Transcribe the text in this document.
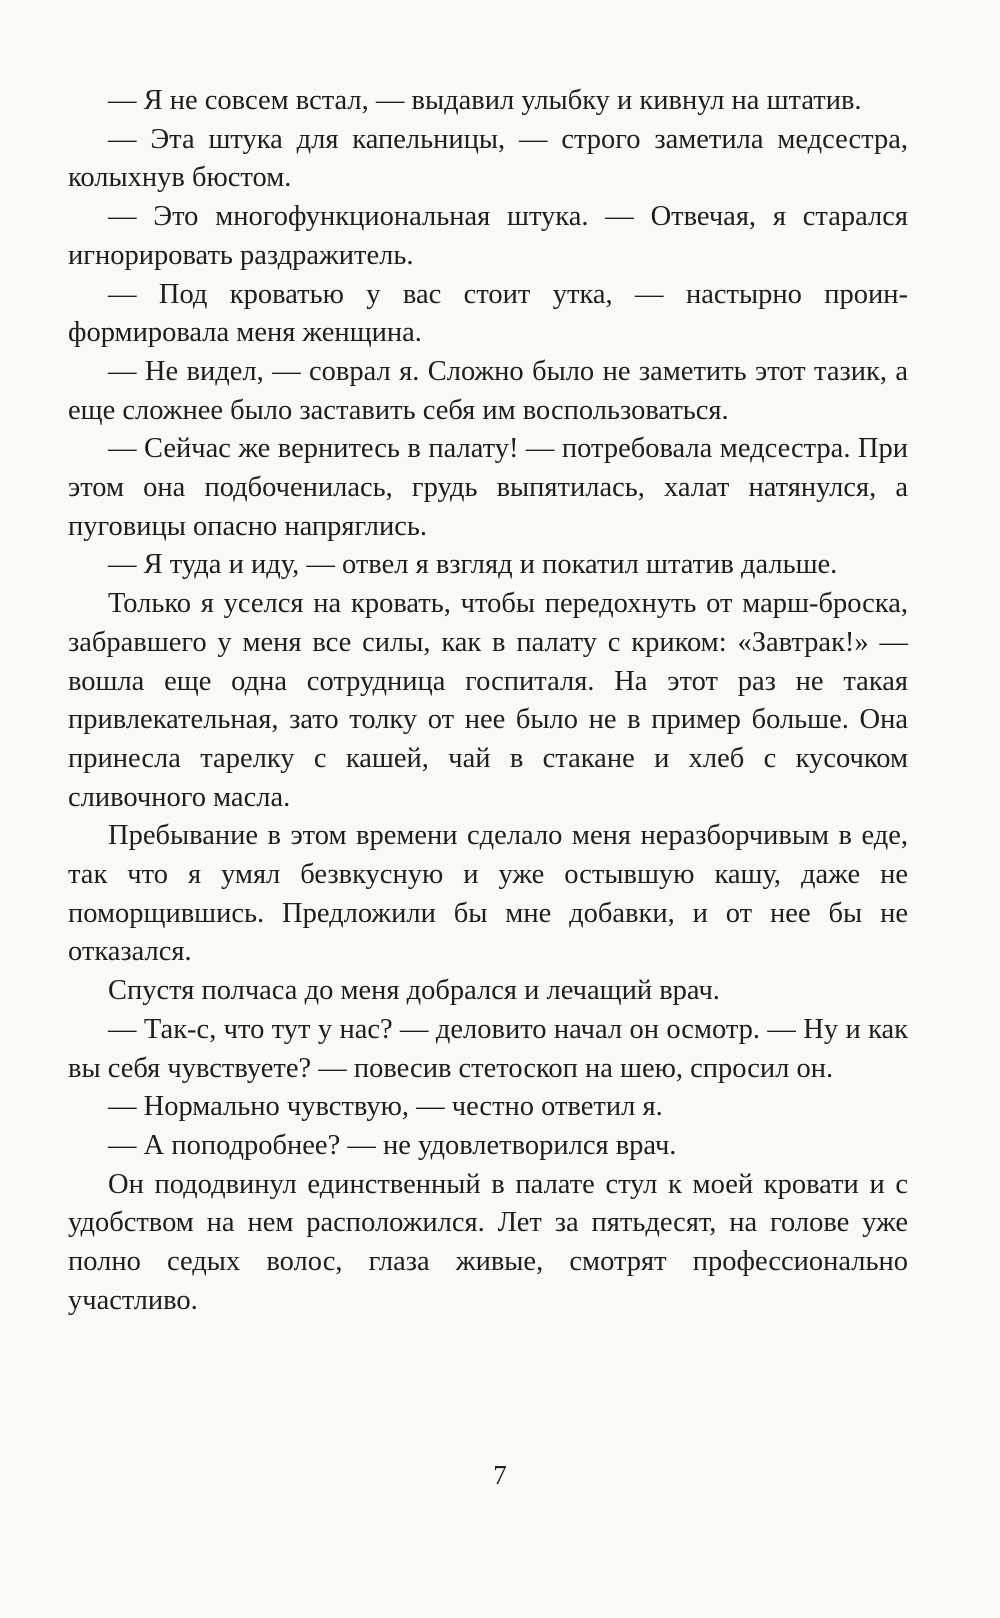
— Я не совсем встал, — выдавил улыбку и кивнул на штатив.

— Эта штука для капельницы, — строго заметила медсестра, колыхнув бюстом.

— Это многофункциональная штука. — Отвечая, я старался игнорировать раздражитель.

— Под кроватью у вас стоит утка, — настырно проинформировала меня женщина.

— Не видел, — соврал я. Сложно было не заметить этот тазик, а еще сложнее было заставить себя им воспользоваться.

— Сейчас же вернитесь в палату! — потребовала медсестра. При этом она подбоченилась, грудь выпятилась, халат натянулся, а пуговицы опасно напряглись.

— Я туда и иду, — отвел я взгляд и покатил штатив дальше.

Только я уселся на кровать, чтобы передохнуть от марш-броска, забравшего у меня все силы, как в палату с криком: «Завтрак!» — вошла еще одна сотрудница госпиталя. На этот раз не такая привлекательная, зато толку от нее было не в пример больше. Она принесла тарелку с кашей, чай в стакане и хлеб с кусочком сливочного масла.

Пребывание в этом времени сделало меня неразборчивым в еде, так что я умял безвкусную и уже остывшую кашу, даже не поморщившись. Предложили бы мне добавки, и от нее бы не отказался.

Спустя полчаса до меня добрался и лечащий врач.

— Так-с, что тут у нас? — деловито начал он осмотр. — Ну и как вы себя чувствуете? — повесив стетоскоп на шею, спросил он.

— Нормально чувствую, — честно ответил я.

— А поподробнее? — не удовлетворился врач.

Он пододвинул единственный в палате стул к моей кровати и с удобством на нем расположился. Лет за пятьдесят, на голове уже полно седых волос, глаза живые, смотрят профессионально участливо.

7
